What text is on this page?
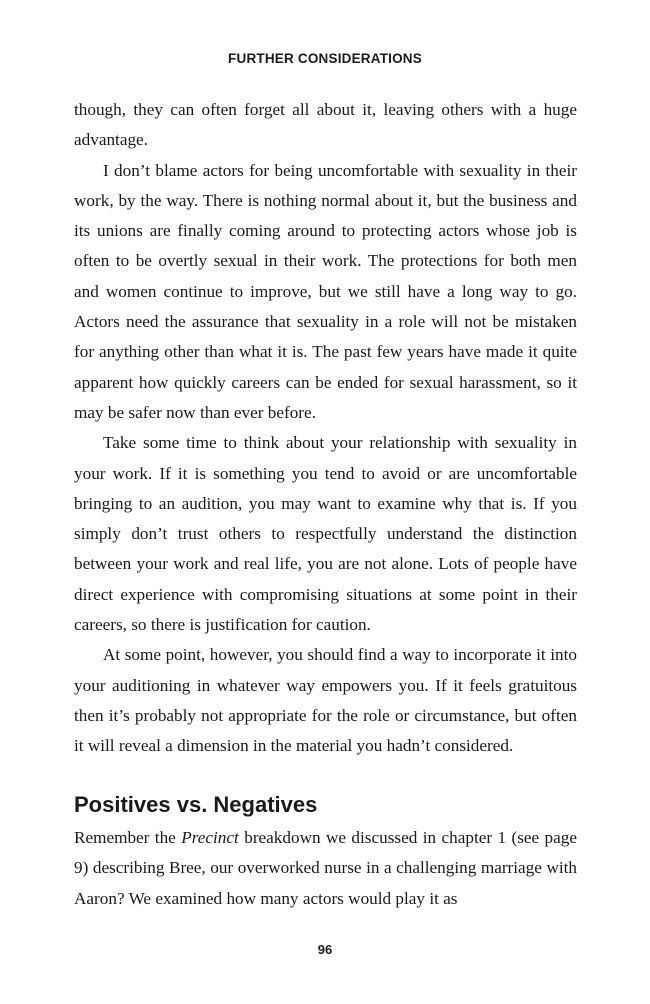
FURTHER CONSIDERATIONS

though, they can often forget all about it, leaving others with a huge advantage.

I don’t blame actors for being uncomfortable with sexuality in their work, by the way. There is nothing normal about it, but the business and its unions are finally coming around to protecting actors whose job is often to be overtly sexual in their work. The protections for both men and women continue to improve, but we still have a long way to go. Actors need the assurance that sexuality in a role will not be mistaken for anything other than what it is. The past few years have made it quite apparent how quickly careers can be ended for sexual harassment, so it may be safer now than ever before.

Take some time to think about your relationship with sexuality in your work. If it is something you tend to avoid or are uncomfortable bringing to an audition, you may want to examine why that is. If you simply don’t trust others to respectfully understand the distinction between your work and real life, you are not alone. Lots of people have direct experience with compromising situations at some point in their careers, so there is justification for caution.

At some point, however, you should find a way to incorporate it into your auditioning in whatever way empowers you. If it feels gratuitous then it’s probably not appropriate for the role or circumstance, but often it will reveal a dimension in the material you hadn’t considered.

Positives vs. Negatives

Remember the Precinct breakdown we discussed in chapter 1 (see page 9) describing Bree, our overworked nurse in a challenging marriage with Aaron? We examined how many actors would play it as

96
